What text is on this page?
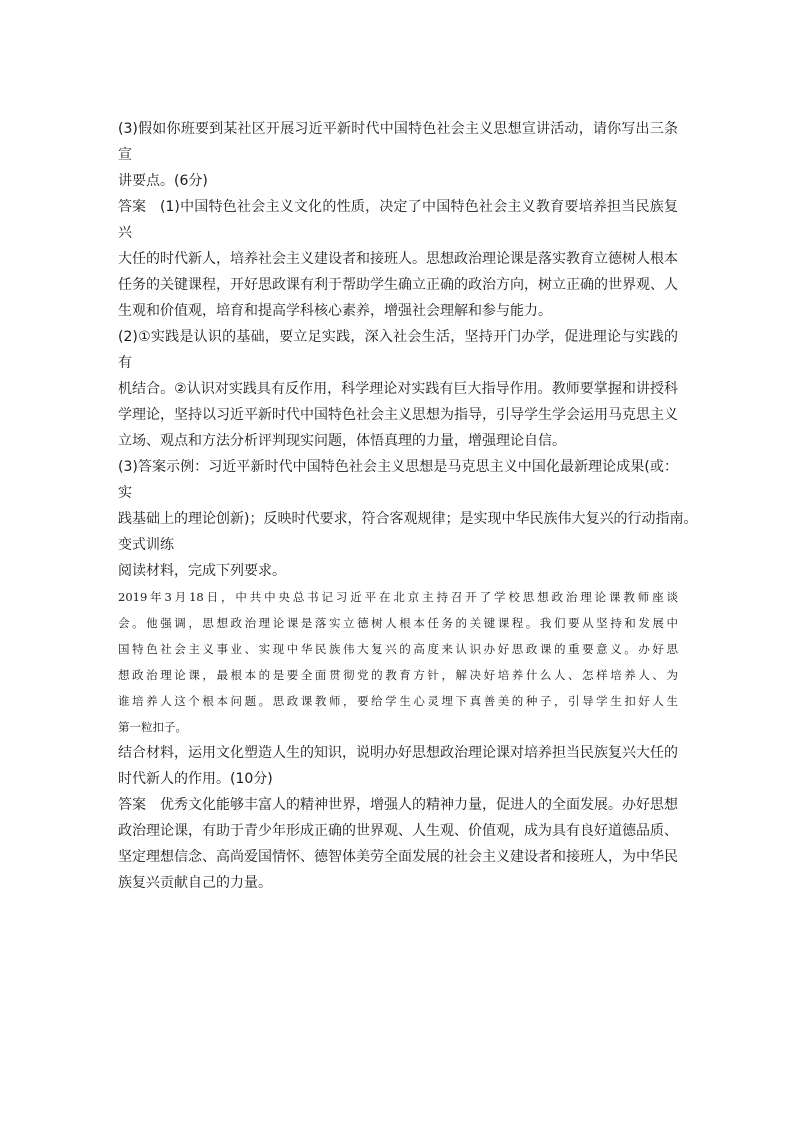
(3)假如你班要到某社区开展习近平新时代中国特色社会主义思想宣讲活动，请你写出三条宣
讲要点。(6分)
答案 (1)中国特色社会主义文化的性质，决定了中国特色社会主义教育要培养担当民族复兴
大任的时代新人，培养社会主义建设者和接班人。思想政治理论课是落实教育立德树人根本
任务的关键课程，开好思政课有利于帮助学生确立正确的政治方向，树立正确的世界观、人
生观和价值观，培育和提高学科核心素养，增强社会理解和参与能力。
(2)①实践是认识的基础，要立足实践，深入社会生活，坚持开门办学，促进理论与实践的有
机结合。②认识对实践具有反作用，科学理论对实践有巨大指导作用。教师要掌握和讲授科
学理论，坚持以习近平新时代中国特色社会主义思想为指导，引导学生学会运用马克思主义
立场、观点和方法分析评判现实问题，体悟真理的力量，增强理论自信。
(3)答案示例：习近平新时代中国特色社会主义思想是马克思主义中国化最新理论成果(或：实
践基础上的理论创新)；反映时代要求，符合客观规律；是实现中华民族伟大复兴的行动指南。
变式训练
阅读材料，完成下列要求。
2019年3月18日，中共中央总书记习近平在北京主持召开了学校思想政治理论课教师座谈
会。他强调，思想政治理论课是落实立德树人根本任务的关键课程。我们要从坚持和发展中
国特色社会主义事业、实现中华民族伟大复兴的高度来认识办好思政课的重要意义。办好思
想政治理论课，最根本的是要全面贯彻党的教育方针，解决好培养什么人、怎样培养人、为
谁培养人这个根本问题。思政课教师，要给学生心灵埋下真善美的种子，引导学生扣好人生
第一粒扣子。
结合材料，运用文化塑造人生的知识，说明办好思想政治理论课对培养担当民族复兴大任的
时代新人的作用。(10分)
答案 优秀文化能够丰富人的精神世界，增强人的精神力量，促进人的全面发展。办好思想
政治理论课，有助于青少年形成正确的世界观、人生观、价值观，成为具有良好道德品质、
坚定理想信念、高尚爱国情怀、德智体美劳全面发展的社会主义建设者和接班人，为中华民
族复兴贡献自己的力量。
